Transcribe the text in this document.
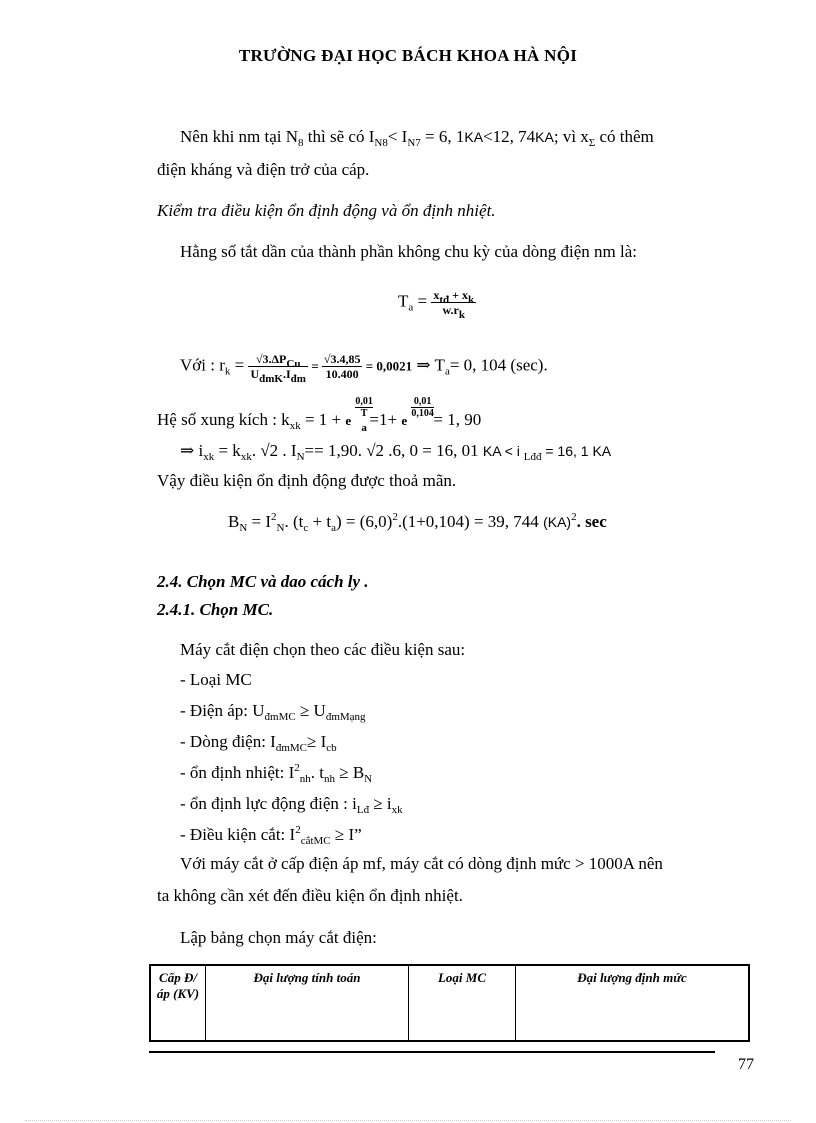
TRƯỜNG ĐẠI HỌC BÁCH KHOA HÀ NỘI
Nên khi nm tại $N_8$ thì sẽ có $I_{N8}< I_{N7} = 6$, 1KA<12, 74KA; vì $x_\Sigma$ có thêm
điện kháng và điện trở của cáp.
Kiểm tra điều kiện ổn định động và ổn định nhiệt.
Hằng số tắt dần của thành phần không chu kỳ của dòng điện nm là:
$T_a = \frac{x_{tđ} + x_k}{w.r_k}$
Với : $r_k = \frac{√3.\Delta P_{Cu}}{U_{đmK}.I_{đm}} = \frac{√3.4,85}{10.400} = 0,0021$ ⇒ $T_a= 0$, 104 (sec).
Hệ số xung kích : $k_{xk} = 1 + e$
0,01
T
$_a$
=1+ e
0,01
0,104
= 1, 90
⇒ $i_{xk} = k_{xk}$. √2 . $I_N== 1,90$. √2 .6, 0 = 16, 01 KA < i $_{Lđđ}$ = 16, 1 KA
Vậy điều kiện ổn định động được thoả mãn.
$B_N = I^2_N$. $(t_c + t_a) = (6,0)^2.(1+0,104) = 39$, 744 (KA)$^2$. sec
2.4. Chọn MC và dao cách ly .
2.4.1. Chọn MC.
Máy cắt điện chọn theo các điều kiện sau:
- Loại MC
- Điện áp: $U_{đmMC} \ge U_{đmMạng}$
- Dòng điện: $I_{đmMC}\ge I_{cb}$
- ổn định nhiệt: $I^2_{nh}$. $t_{nh} \ge B_N$
- ổn định lực động điện : $i_{Lđ} \ge i_{xk}$
- Điều kiện cắt: $I^2_{cắtMC} \ge I$”
Với máy cắt ở cấp điện áp mf, máy cắt có dòng định mức > 1000A nên
ta không cần xét đến điều kiện ổn định nhiệt.
Lập bảng chọn máy cắt điện:
Cấp Đ/ áp (KV)	Đại lượng tính toán	Loại MC	Đại lượng định mức
77
